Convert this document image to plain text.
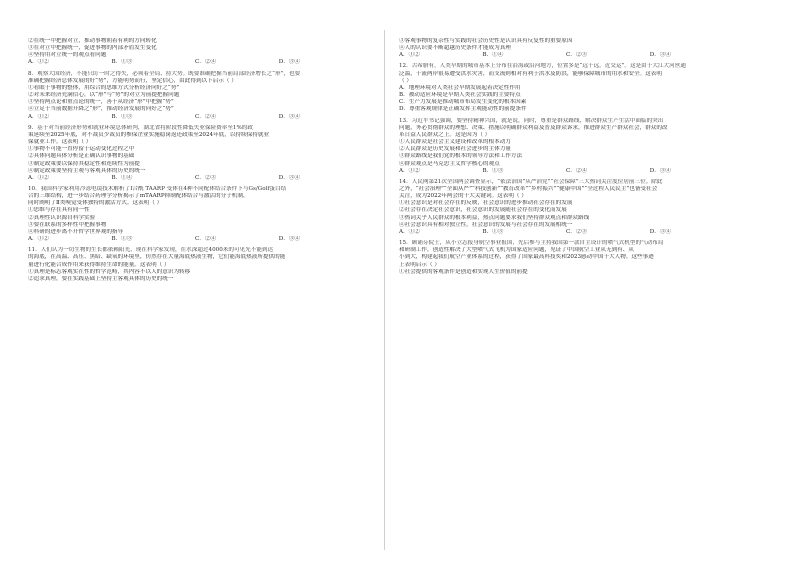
②在统一中把握对立，推动事物朝着有利的方向转化
③在对立中把握统一，促进事物的内部矛盾发生变化
④坚持用对立统一的观点看问题
A．①②	B．①③	C．②④	D．③④
8．观察大国经济，不能只盯一时之得失，必须着全局、持大势。既要准确把握当前局部经济增长之“形”，也要
准确把握经济总体发展的好“势”，方能明势而行，坚定信心，由此得到以下启示（ ）
①看眼于事物的整体，用综合的思维方式分析经济向好之“势”
②对未来经济充满信心，以“形”与“势”的对立为前提把握问题
③坚持两点论和重点论的统一，善于从经济“形”中把握“势”
④立足于当前数据升降之“形”，推动经济发展的向好之“势”
A．①②	B．①③	C．②④	D．③④
9．基于对当前经济形势和就业环境总体研判，湖北省将阶段性降低失业保险费率至1%的政
策延续至2025年底，对不裁员少裁员的参保企业实施稳岗返还政策至2024年底，以持续保持就业
保就业工作。这表明（ ）
①事物不可能一直停留于运动变化过程之中
②具体问题具体分析是正确认识事物的基础
③制定政策要以保持其稳定性和连续性为前提
④制定政策要坚持主观与客观具体的历史的统一
A．①②	B．①④	C．②③	D．③④
10．我国科学家利用冷冻电镜技术解析了Ⅰ合酰 TAARP 受体在4种不同配体结合条件下与Gs/Golf蛋白结
合的三维结构，进一步结合药理学分析揭示了mTAARP抑制配体结合与激活的分子机制，
同时阐明了Ⅱ类嗅觉受体独特的激活方式。这表明（ ）
①思维与存在具有同一性
②真理性认识源自科学实验
③要在联系的多样性中把握事物
④科研的进步离不开哲学世界观的指导
A．①②	B．①③	C．②④	D．③④
11．人们认为一切生物的生长都依赖阳光，现在科学家发现，在水深超过4000米的可见光不能到达
的海底，在高温、高压、黑暗、缺氧的环境里，仿然存在大量海底热液生物，它们能海底热液所提供的能
量进行化能合成作用来获得维持生命的能量。这表明（ ）
①真理是标志客观实在性的哲学范畴，其内容不以人的意识为转移
②追求真理，要在实践基础上坚持主客观具体的历史的统一
③客观事物的复杂性与实践的社会历史性是认识具有反复性的重要原因
④人的认识要不断超越历史条件才能成为真理
A．①②	B．①④	C．②③	D．③④
12．古希腊有，人类早期的城市基本上分布在沿海或沿河地方，位置多是“远千远，近交运”。这是由于大江大河丝通
泛滥，干流两岸很易遭受洪水灾害，而支流则相对有利于洪水及防洪，能够保障城市的用水和安全。这表明
（ ）
A．地理环境对人类社会早期发展起着决定性作用
B．被动适应环境是早期人类社会实践的主要特点
C．生产力发展是推动城市布局发生变化的根本因素
D．尊重客观规律是正确发挥主观能动性的前提条件
13．习近平书记强调，要坚持精神兴国，就是说，同时，尊重是群众路线，解决群众生产生活中面临的突出
问题，务必贯彻群众的理想、决策、措施以明确群众利益及普及群众诉求，推进群众生产群众社会，群众的改
革日益人民群众之上。这是因为（ ）
①人民群众是社会主义建设和改革的根本动力
②人民群众是历史发展和社会进步的主体力量
③群众路线是我们党的根本的领导方法和工作方法
④群众观点是马克思主义哲学核心的观点
A．①②	B．①③	C．②④	D．③④
14．人民网第21次全国两会调查显示，“依法治国”从严治党”“社会保障”三大热词关注度位居前三位。除此
之外，“社会治理”“全面从严”“科技创新”“教育改革”“乡村振兴”“健康中国”“全过程人民民主”也备受社会
关注，成为2022年两会的十大关键词。这表明（ ）
①社会意识是对社会存在的反映，社会意识的进步推动社会存在的发展
②社会存在决定社会意识，社会意识的发展随社会存在的变化而发展
③热词关乎人民群众的根本利益，热点问题要求我们坚持群众观点和群众路线
④社会意识具有相对独立性，社会意识的发展与社会存在的发展相统一
A．①②	B．①③	C．②③	D．③④
15．顾诵芬院士，从小立志报身航空事业报国，先后参与主持我国第一款自主设计的喷气式机型的气动布局
和研制工作，创造性解决了大型喷气式飞机为国家适应问题，见证了中国航空工业从无到有、从
小到大，构建起我们航空产业体系的过程，获得了国家最高科技奖和2023感动中国十大人物。这些事迹
上表明启示（ ）
①社会提供的客观条件是创造和实现人生价值的前提
